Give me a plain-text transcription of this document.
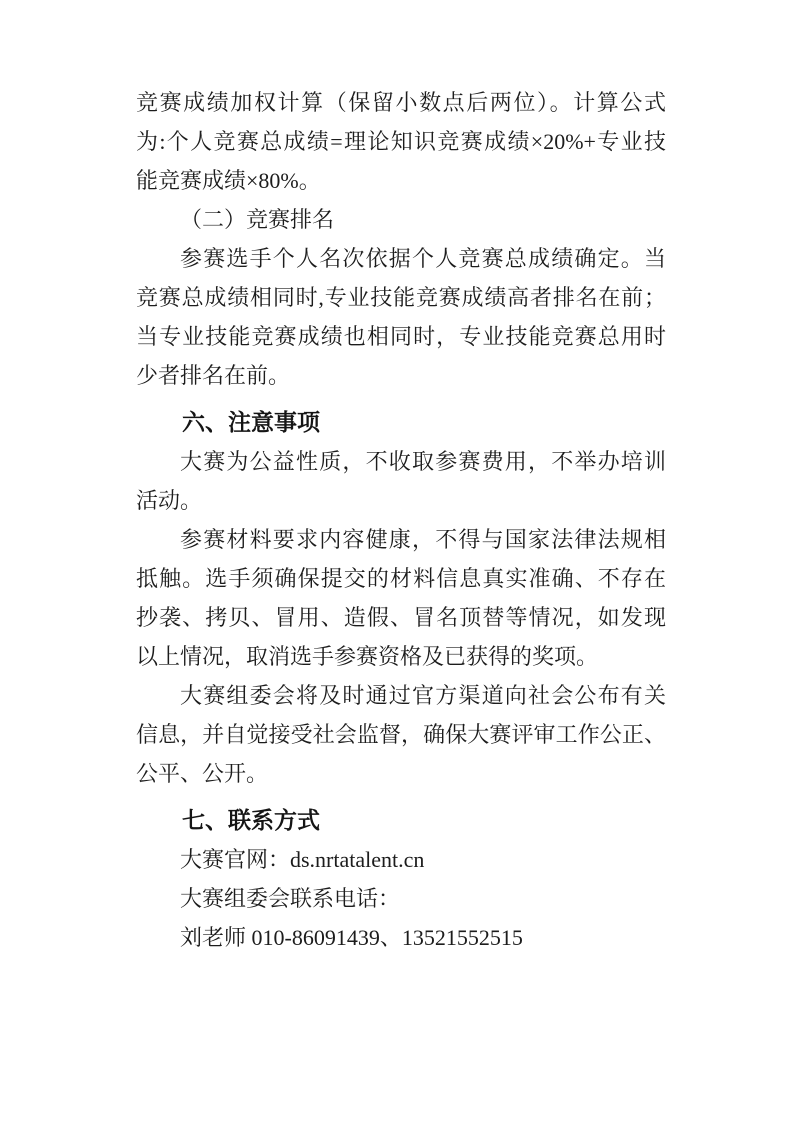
竞赛成绩加权计算（保留小数点后两位）。计算公式
为:个人竞赛总成绩=理论知识竞赛成绩×20%+专业技
能竞赛成绩×80%。
（二）竞赛排名
参赛选手个人名次依据个人竞赛总成绩确定。当
竞赛总成绩相同时,专业技能竞赛成绩高者排名在前；
当专业技能竞赛成绩也相同时，专业技能竞赛总用时
少者排名在前。
六、注意事项
大赛为公益性质，不收取参赛费用，不举办培训
活动。
参赛材料要求内容健康，不得与国家法律法规相
抵触。选手须确保提交的材料信息真实准确、不存在
抄袭、拷贝、冒用、造假、冒名顶替等情况，如发现
以上情况，取消选手参赛资格及已获得的奖项。
大赛组委会将及时通过官方渠道向社会公布有关
信息，并自觉接受社会监督，确保大赛评审工作公正、
公平、公开。
七、联系方式
大赛官网：ds.nrtatalent.cn
大赛组委会联系电话：
刘老师 010-86091439、13521552515
